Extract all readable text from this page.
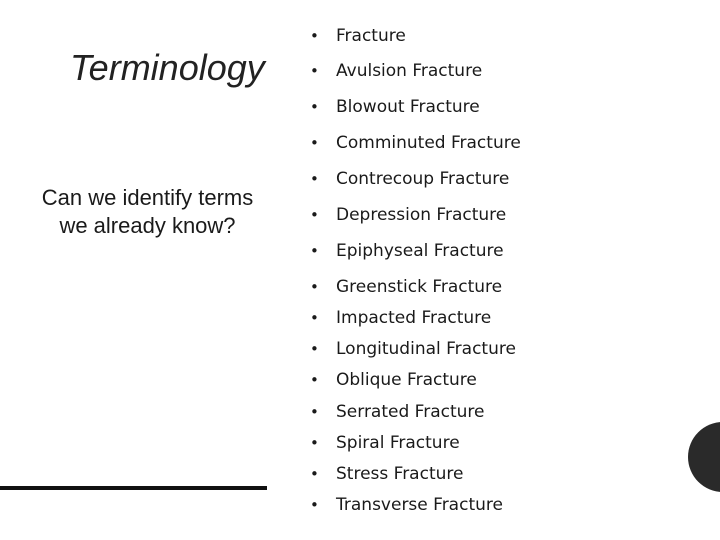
Terminology
Can we identify terms we already know?
• Fracture
• Avulsion Fracture
• Blowout Fracture
• Comminuted Fracture
• Contrecoup Fracture
• Depression Fracture
• Epiphyseal Fracture
• Greenstick Fracture
• Impacted Fracture
• Longitudinal Fracture
• Oblique Fracture
• Serrated Fracture
• Spiral Fracture
• Stress Fracture
• Transverse Fracture
